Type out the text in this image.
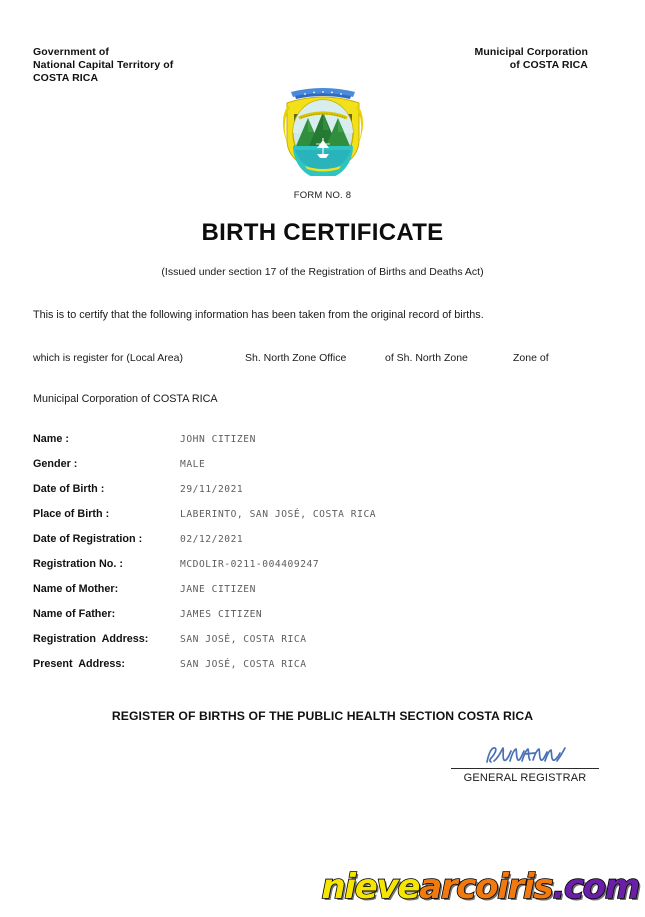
Government of
National Capital Territory of
COSTA RICA
Municipal Corporation
of COSTA RICA
FORM NO. 8
BIRTH CERTIFICATE
(Issued under section 17 of the Registration of Births and Deaths Act)
This is to certify that the following information has been taken from the original record of births.
which is register for (Local Area)	Sh. North Zone Office	of Sh. North Zone	Zone of
Municipal Corporation of COSTA RICA
Name :	JOHN CITIZEN
Gender :	MALE
Date of Birth :	29/11/2021
Place of Birth :	LABERINTO, SAN JOSÉ, COSTA RICA
Date of Registration :	02/12/2021
Registration No. :	MCDOLIR-0211-004409247
Name of Mother:	JANE CITIZEN
Name of Father:	JAMES CITIZEN
Registration  Address:	SAN JOSÉ, COSTA RICA
Present  Address:	SAN JOSÉ, COSTA RICA
REGISTER OF BIRTHS OF THE PUBLIC HEALTH SECTION COSTA RICA
GENERAL REGISTRAR
nievearcoiris.com
